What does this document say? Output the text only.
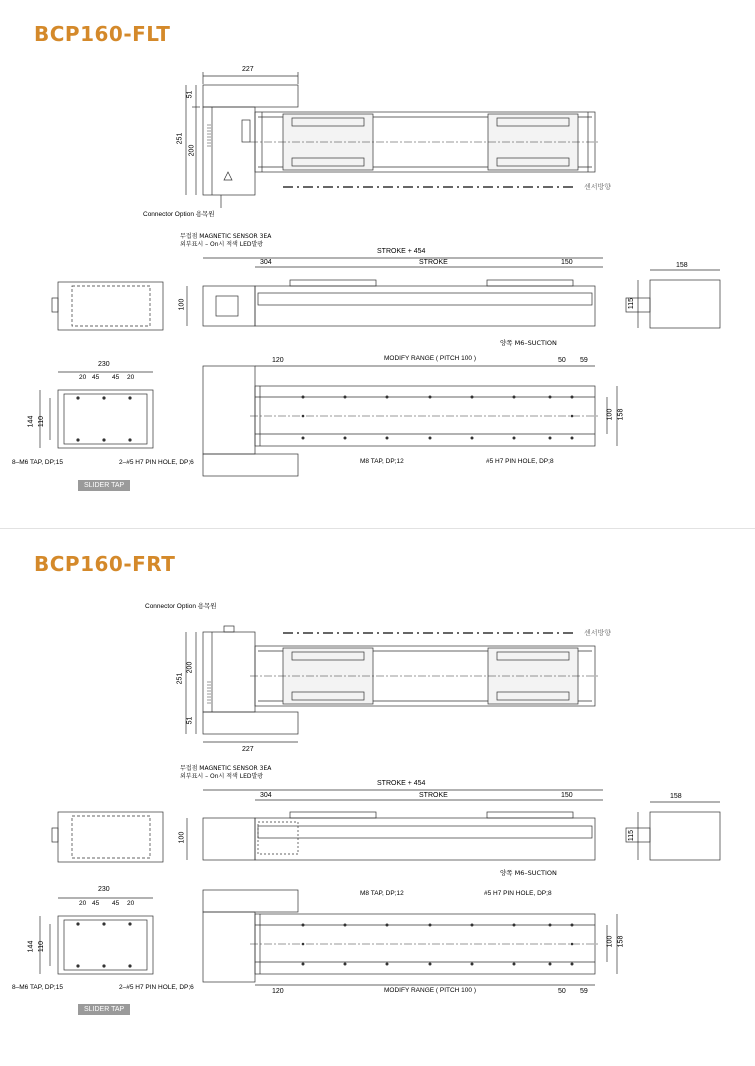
BCP160-FLT
227
251
51
200
Connector Option 용목원
센서방향
무접점 MAGNETIC SENSOR 3EA
외부표시 – On시 적색 LED발광
STROKE + 454
STROKE
304	150
100
158
115
양쪽 M6–SUCTION
230
20 45 45 20
144 110
8–M6 TAP, DP;15	2–#5 H7 PIN HOLE, DP;6
SLIDER TAP
MODIFY RANGE ( PITCH 100 )
120	50 59
100 158
M8 TAP, DP;12	#5 H7 PIN HOLE, DP;8
BCP160-FRT
Connector Option 용목원
센서방향
251
200
51
227
무접점 MAGNETIC SENSOR 3EA
외부표시 – On시 적색 LED발광
STROKE + 454
STROKE
304	150
100
158
115
양쪽 M6–SUCTION
230
20 45 45 20
144 110
8–M6 TAP, DP;15	2–#5 H7 PIN HOLE, DP;6
SLIDER TAP
M8 TAP, DP;12	#5 H7 PIN HOLE, DP;8
100 158
120	MODIFY RANGE ( PITCH 100 )	50 59
